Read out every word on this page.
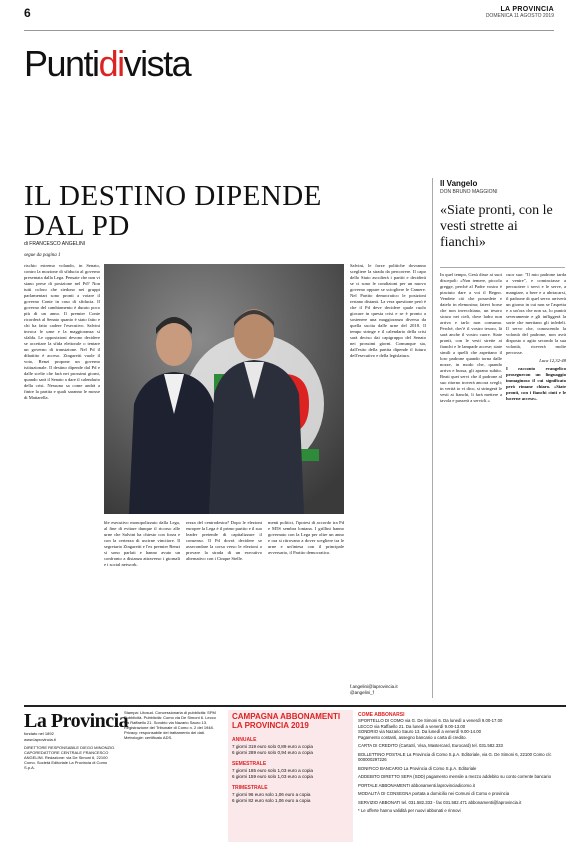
6	LA PROVINCIA
DOMENICA 11 AGOSTO 2019
Puntidivista
IL DESTINO DIPENDE DAL PD
di FRANCESCO ANGELINI
segue da pagina 1
rischio estremo volando, in Senato, contro la mozione di sfiducia al governo presentata dalla Lega. Pensate che non vi siano prese di posizione nel Pd? Non tutti coloro che siedono nei gruppi parlamentari sono pronti a votare il governo Conte in caso di sfiducia. Il governo del cambiamento è durato poco più di un anno. Il premier Conte ricorderà al Senato quanto è stato fatto e chi ha fatto cadere l'esecutivo. Salvini invoca le urne e la maggioranza si sfalda. Le opposizioni devono decidere se accettare la sfida elettorale o tentare un governo di transizione. Nel Pd il dibattito è acceso. Zingaretti vuole il voto, Renzi propone un governo istituzionale. Il destino dipende dal Pd e dalle scelte che farà nei prossimi giorni, quando sarà il Senato a dare il calendario della crisi. Nessuno sa come andrà a finire la partita e quali saranno le mosse di Mattarella.
ble esecutivo monopolizzato dalla Lega, al fine di evitare dunque il ricorso alle urne che Salvini ha chiesto con forza e con la certezza di uscirne vincitore. Il segretario Zingaretti e l'ex premier Renzi si sono parlati e hanno avuto un confronto a distanza attraverso i giornali e i social network.
rezza del centrodestra? Dopo le elezioni europee la Lega è il primo partito e il suo leader pretende di capitalizzare il consenso. Il Pd dovrà decidere se assecondare la corsa verso le elezioni o provare la strada di un esecutivo alternativo con i Cinque Stelle.
menti politici, l'ipotesi di accordo tra Pd e M5S sembra lontana. I grillini hanno governato con la Lega per oltre un anno e ora si ritrovano a dover scegliere tra le urne e un'intesa con il principale avversario, il Partito democratico.
Salvini, le forze politiche dovranno scegliere la strada da percorrere. Il capo dello Stato ascolterà i partiti e deciderà se ci sono le condizioni per un nuovo governo oppure se sciogliere le Camere. Nel Partito democratico le posizioni restano distanti. La vera questione però è che il Pd deve decidere quale ruolo giocare in questa crisi e se è pronto a sostenere una maggioranza diversa da quella uscita dalle urne del 2018. Il tempo stringe e il calendario della crisi sarà deciso dai capigruppo del Senato nei prossimi giorni. Comunque sia, dall'esito della partita dipende il futuro dell'esecutivo e della legislatura.
f.angelini@laprovincia.it
@angelini_f
Il Vangelo
DON BRUNO MAGGIONI
«Siate pronti, con le vesti strette ai fianchi»
In quel tempo, Gesù disse ai suoi discepoli: «Non temere, piccolo gregge, perché al Padre vostro è piaciuto dare a voi il Regno. Vendete ciò che possedete e datelo in elemosina; fatevi borse che non invecchiano, un tesoro sicuro nei cieli, dove ladro non arriva e tarlo non consuma. Perché, dov'è il vostro tesoro, là sarà anche il vostro cuore. Siate pronti, con le vesti strette ai fianchi e le lampade accese; siate simili a quelli che aspettano il loro padrone quando torna dalle nozze, in modo che, quando arriva e bussa, gli aprano subito. Beati quei servi che il padrone al suo ritorno troverà ancora svegli; in verità io vi dico, si stringerà le vesti ai fianchi, li farà mettere a tavola e passerà a servirli.»
cuor suo: "Il mio padrone tarda a venire", e cominciasse a percuotere i servi e le serve, a mangiare, a bere e a ubriacarsi, il padrone di quel servo arriverà un giorno in cui non se l'aspetta e a un'ora che non sa, lo punirà severamente e gli infliggerà la sorte che meritano gli infedeli. Il servo che, conoscendo la volontà del padrone, non avrà disposto o agito secondo la sua volontà, riceverà molte percosse.
Luca 12,32-48
I racconto evangelico proseguecon un linguaggio immaginoso il cui significato però rimane chiaro. «Siate pronti, con i fianchi cinti e le lucerne accese».
La Provincia
fondato nel 1892
www.laprovincia.it
DIRETTORE RESPONSABILE DIEGO MINONZIO. CAPOREDATTORE CENTRALE FRANCESCO ANGELINI. Redazione: via De Simoni 6, 22100 Como. Società Editoriale La Provincia di Como S.p.A.
Stampa: Litosud. Concessionaria di pubblicità: SPM Pubblicità. Pubblicità: Como via De Simoni 6. Lecco via Raffaello 21. Sondrio via Nazario Sauro 13. Registrazione del Tribunale di Como n. 2 del 1948. Privacy: responsabile del trattamento dei dati. Metrologie: certificato ADS.
CAMPAGNA ABBONAMENTI LA PROVINCIA 2019
ANNUALE
7 giorni 319 euro solo 0,89 euro a copia
6 giorni 289 euro solo 0,94 euro a copia
SEMESTRALE
7 giorni 185 euro solo 1,03 euro a copia
6 giorni 159 euro solo 1,03 euro a copia
TRIMESTRALE
7 giorni 96 euro solo 1,06 euro a copia
6 giorni 82 euro solo 1,06 euro a copia
COME ABBONARSI
SPORTELLO DI COMO via G. De Simoni 6. Da lunedì a venerdì 9.00-17.00
LECCO via Raffaello 21. Da lunedì a venerdì 9.00-13.00
SONDRIO via Nazario Sauro 13. Da lunedì a venerdì 9.00-14.00
Pagamento contanti, assegno bancario o carta di credito.
CARTA DI CREDITO (CartaSì, Visa, Mastercard, Eurocard) tel. 031.582.333
BOLLETTINO POSTALE La Provincia di Como S.p.A. Editoriale, via G. De Simoni 6, 22100 Como c/c 000000297226
BONIFICO BANCARIO La Provincia di Como S.p.A. Editoriale
ADDEBITO DIRETTO SEPA (SDD) pagamento mensile a mezzo addebito su conto corrente bancario
PORTALE ABBONAMENTI abbonamenti.laprovinciadicomo.it
MODALITÀ DI CONSEGNA portata a domicilio nei Comuni di Como e provincia
SERVIZIO ABBONATI tel. 031.582.333 - fax 031.582.471 abbonamenti@laprovincia.it
* Le offerte hanno validità per nuovi abbonati e rinnovi
